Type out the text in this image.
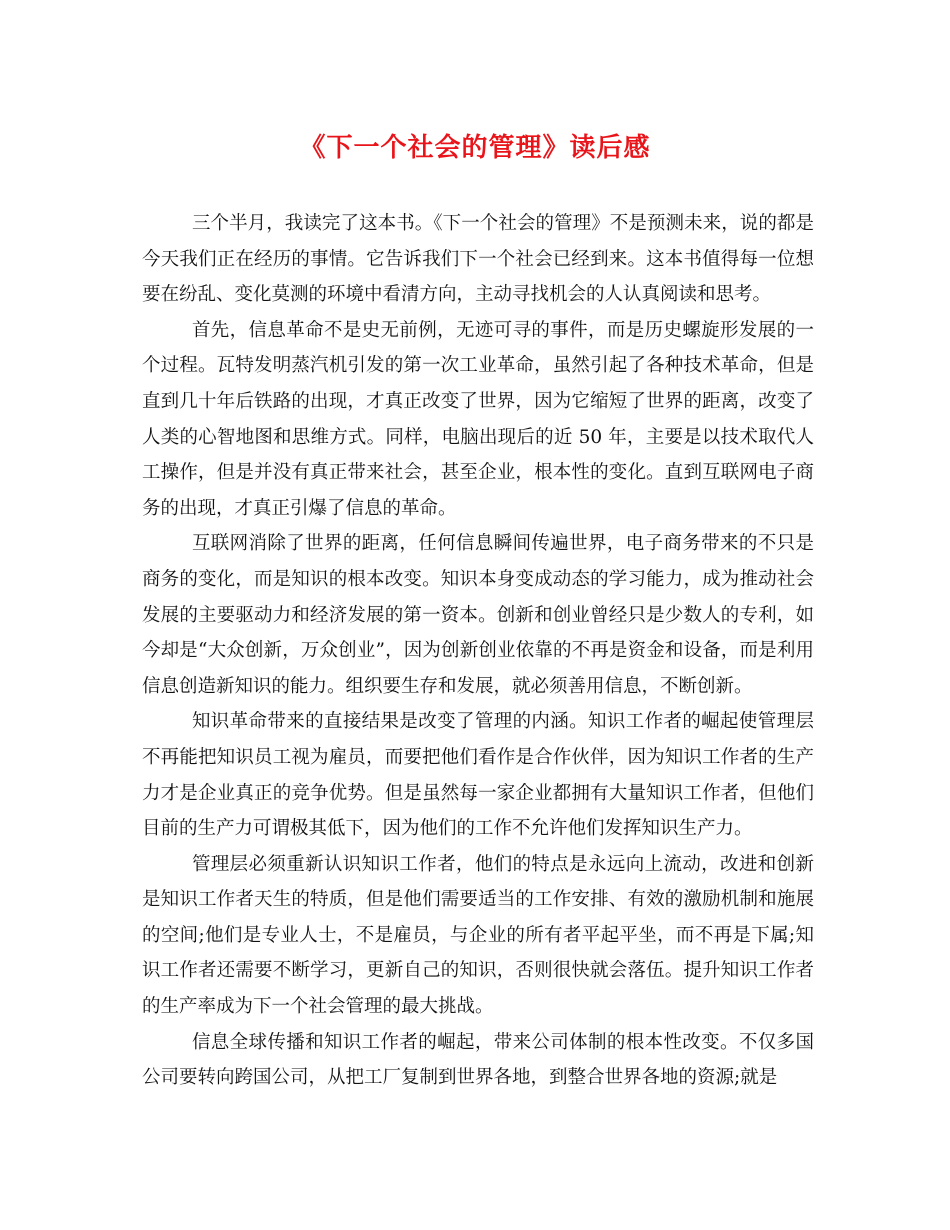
《下一个社会的管理》读后感

三个半月，我读完了这本书。《下一个社会的管理》不是预测未来，说的都是今天我们正在经历的事情。它告诉我们下一个社会已经到来。这本书值得每一位想要在纷乱、变化莫测的环境中看清方向，主动寻找机会的人认真阅读和思考。

首先，信息革命不是史无前例，无迹可寻的事件，而是历史螺旋形发展的一个过程。瓦特发明蒸汽机引发的第一次工业革命，虽然引起了各种技术革命，但是直到几十年后铁路的出现，才真正改变了世界，因为它缩短了世界的距离，改变了人类的心智地图和思维方式。同样，电脑出现后的近 50 年，主要是以技术取代人工操作，但是并没有真正带来社会，甚至企业，根本性的变化。直到互联网电子商务的出现，才真正引爆了信息的革命。

互联网消除了世界的距离，任何信息瞬间传遍世界，电子商务带来的不只是商务的变化，而是知识的根本改变。知识本身变成动态的学习能力，成为推动社会发展的主要驱动力和经济发展的第一资本。创新和创业曾经只是少数人的专利，如今却是“大众创新，万众创业”，因为创新创业依靠的不再是资金和设备，而是利用信息创造新知识的能力。组织要生存和发展，就必须善用信息，不断创新。

知识革命带来的直接结果是改变了管理的内涵。知识工作者的崛起使管理层不再能把知识员工视为雇员，而要把他们看作是合作伙伴，因为知识工作者的生产力才是企业真正的竞争优势。但是虽然每一家企业都拥有大量知识工作者，但他们目前的生产力可谓极其低下，因为他们的工作不允许他们发挥知识生产力。

管理层必须重新认识知识工作者，他们的特点是永远向上流动，改进和创新是知识工作者天生的特质，但是他们需要适当的工作安排、有效的激励机制和施展的空间;他们是专业人士，不是雇员，与企业的所有者平起平坐，而不再是下属;知识工作者还需要不断学习，更新自己的知识，否则很快就会落伍。提升知识工作者的生产率成为下一个社会管理的最大挑战。

信息全球传播和知识工作者的崛起，带来公司体制的根本性改变。不仅多国公司要转向跨国公司，从把工厂复制到世界各地，到整合世界各地的资源;就是
